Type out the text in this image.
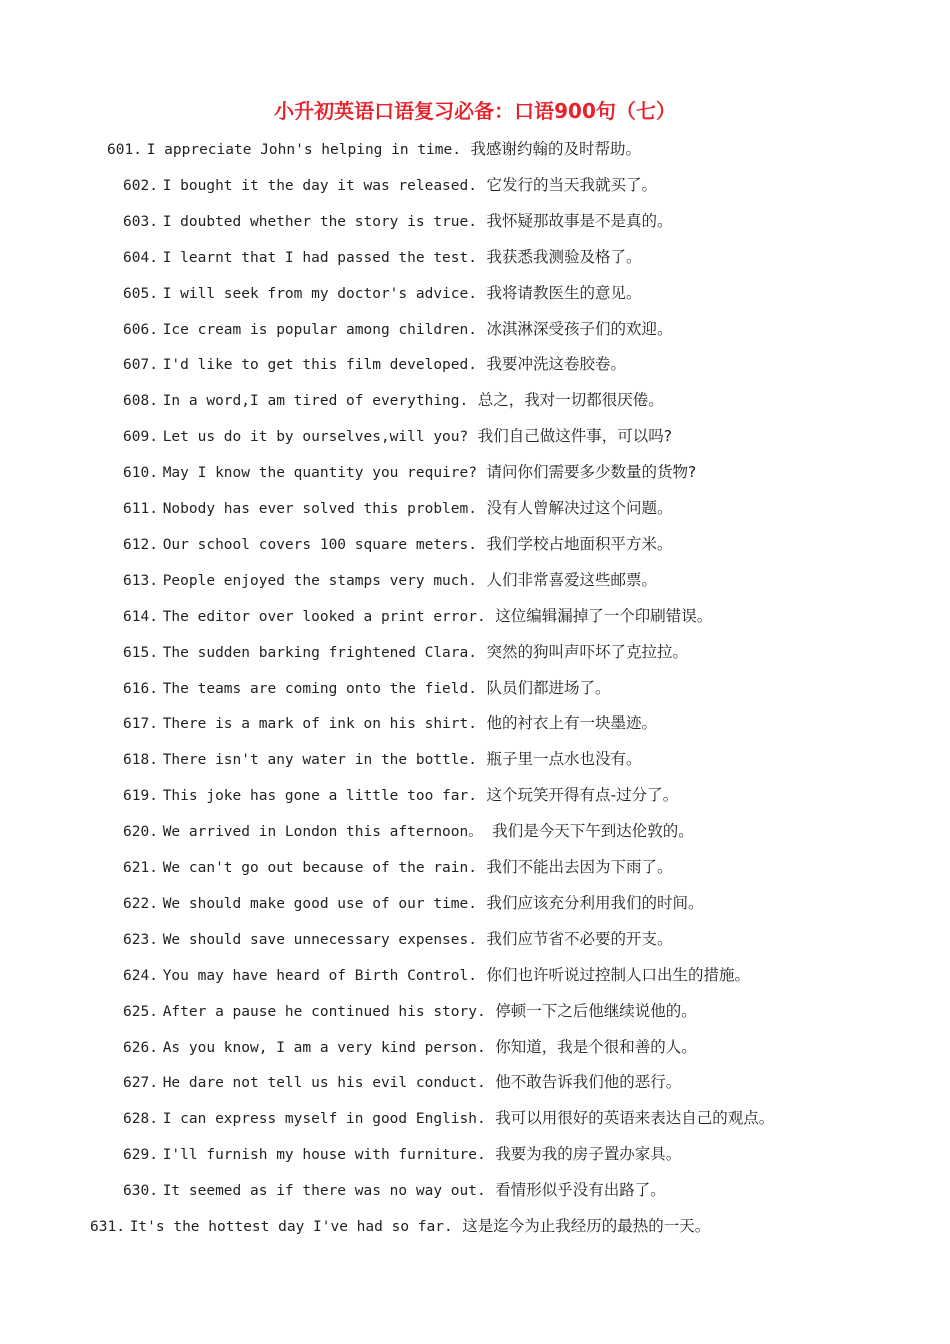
小升初英语口语复习必备：口语900句（七）
601. I appreciate John's helping in time. 我感谢约翰的及时帮助。
602. I bought it the day it was released. 它发行的当天我就买了。
603. I doubted whether the story is true. 我怀疑那故事是不是真的。
604. I learnt that I had passed the test. 我获悉我测验及格了。
605. I will seek from my doctor's advice. 我将请教医生的意见。
606. Ice cream is popular among children. 冰淇淋深受孩子们的欢迎。
607. I'd like to get this film developed. 我要冲洗这卷胶卷。
608. In a word,I am tired of everything. 总之，我对一切都很厌倦。
609. Let us do it by ourselves,will you? 我们自己做这件事，可以吗?
610. May I know the quantity you require? 请问你们需要多少数量的货物?
611. Nobody has ever solved this problem. 没有人曾解决过这个问题。
612. Our school covers 100 square meters. 我们学校占地面积平方米。
613. People enjoyed the stamps very much. 人们非常喜爱这些邮票。
614. The editor over looked a print error. 这位编辑漏掉了一个印刷错误。
615. The sudden barking frightened Clara. 突然的狗叫声吓坏了克拉拉。
616. The teams are coming onto the field. 队员们都进场了。
617. There is a mark of ink on his shirt. 他的衬衣上有一块墨迹。
618. There isn't any water in the bottle. 瓶子里一点水也没有。
619. This joke has gone a little too far. 这个玩笑开得有点-过分了。
620. We arrived in London this afternoon。 我们是今天下午到达伦敦的。
621. We can't go out because of the rain. 我们不能出去因为下雨了。
622. We should make good use of our time. 我们应该充分利用我们的时间。
623. We should save unnecessary expenses. 我们应节省不必要的开支。
624. You may have heard of Birth Control. 你们也许听说过控制人口出生的措施。
625. After a pause he continued his story. 停顿一下之后他继续说他的。
626. As you know, I am a very kind person. 你知道，我是个很和善的人。
627. He dare not tell us his evil conduct. 他不敢告诉我们他的恶行。
628. I can express myself in good English. 我可以用很好的英语来表达自己的观点。
629. I'll furnish my house with furniture. 我要为我的房子置办家具。
630. It seemed as if there was no way out. 看情形似乎没有出路了。
631. It's the hottest day I've had so far. 这是迄今为止我经历的最热的一天。
